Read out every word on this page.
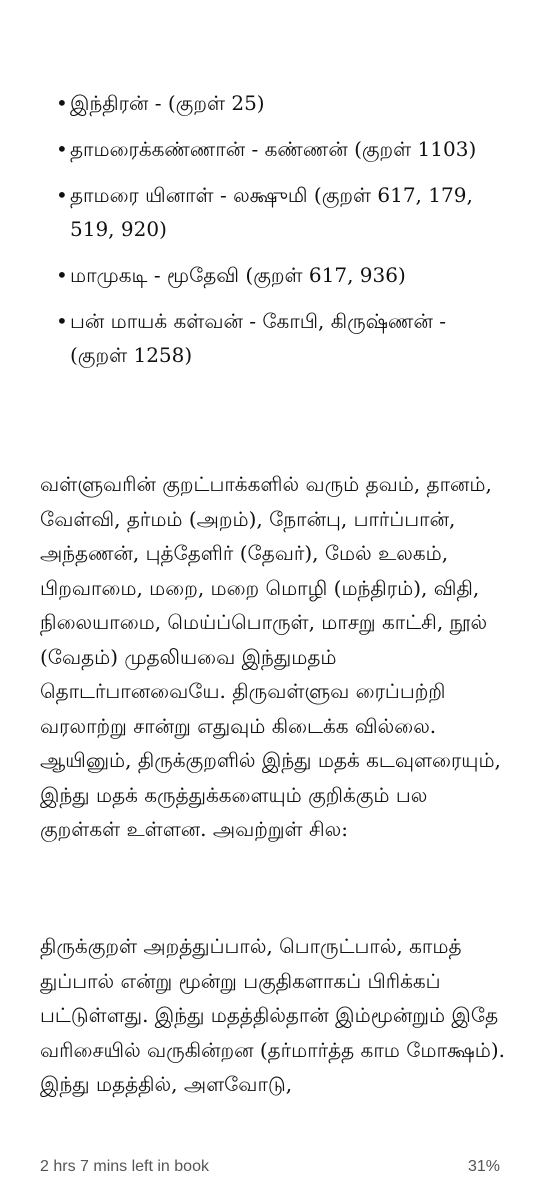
• இந்திரன் - (குறள் 25)
• தாமரைக்கண்ணான் - கண்ணன் (குறள் 1103)
• தாமரை யினாள் - லக்ஷுமி (குறள் 617, 179, 519, 920)
• மாமுகடி - மூதேவி (குறள் 617, 936)
• பன் மாயக் கள்வன் - கோபி, கிருஷ்ணன் - (குறள் 1258)

வள்ளுவரின் குறட்பாக்களில் வரும் தவம், தானம், வேள்வி, தர்மம் (அறம்), நோன்பு, பார்ப்பான், அந்தணன், புத்தேளிர் (தேவர்), மேல் உலகம், பிறவாமை, மறை, மறை மொழி (மந்திரம்), விதி, நிலையாமை, மெய்ப்பொருள், மாசறு காட்சி, நூல் (வேதம்) முதலியவை இந்துமதம் தொடர்பானவையே. திருவள்ளுவ ரைப்பற்றி வரலாற்று சான்று எதுவும் கிடைக்க வில்லை. ஆயினும், திருக்குறளில் இந்து மதக் கடவுளரையும், இந்து மதக் கருத்துக்களையும் குறிக்கும் பல குறள்கள் உள்ளன. அவற்றுள் சில:

திருக்குறள் அறத்துப்பால், பொருட்பால், காமத் துப்பால் என்று மூன்று பகுதிகளாகப் பிரிக்கப் பட்டுள்ளது. இந்து மதத்தில்தான் இம்மூன்றும் இதே வரிசையில் வருகின்றன (தர்மார்த்த காம மோக்ஷம்). இந்து மதத்தில், அளவோடு,

2 hrs 7 mins left in book	31%
